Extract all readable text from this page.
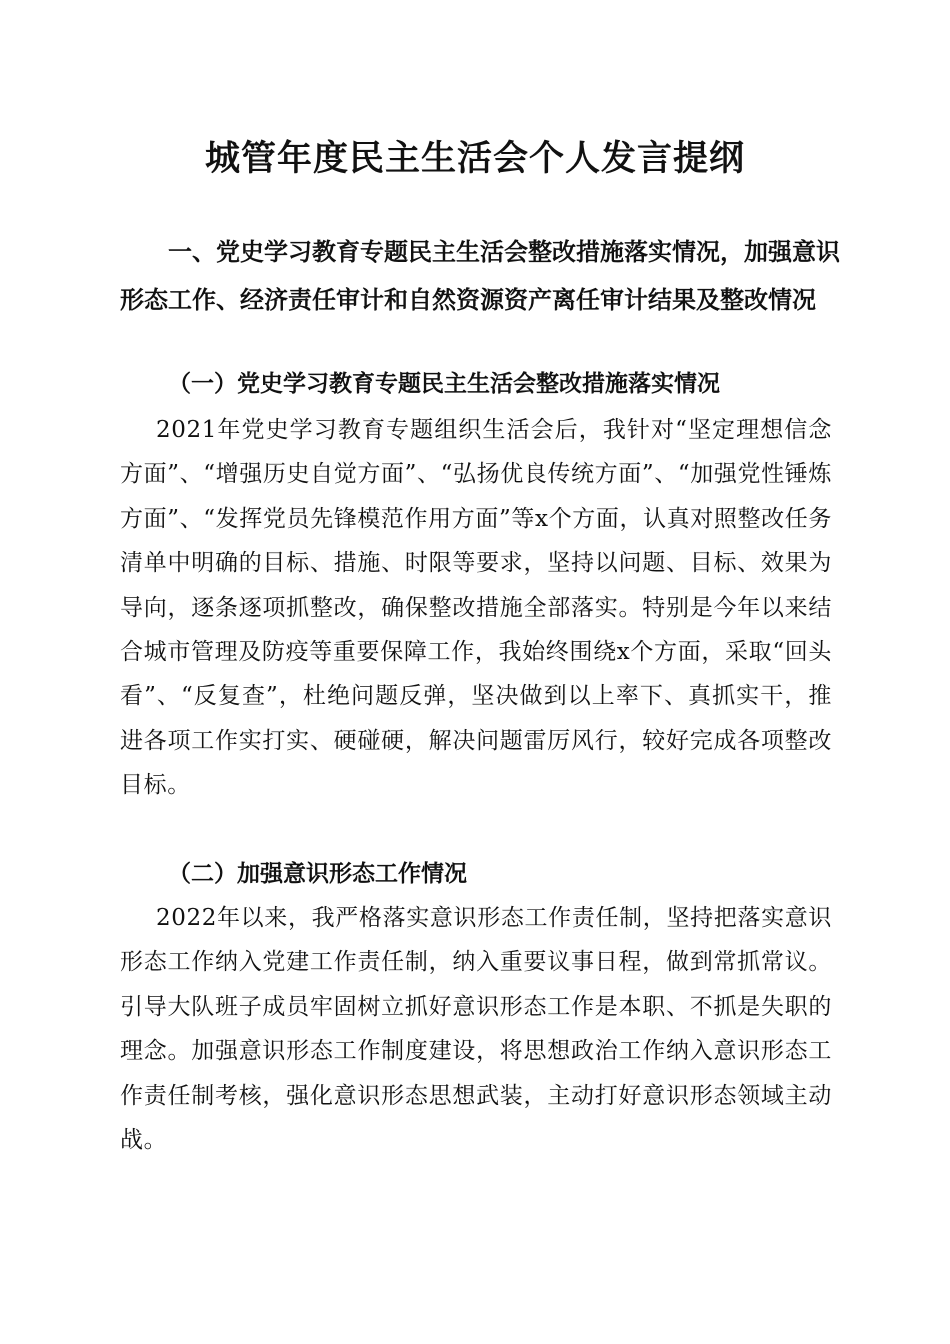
城管年度民主生活会个人发言提纲
一、党史学习教育专题民主生活会整改措施落实情况，加强意识形态工作、经济责任审计和自然资源资产离任审计结果及整改情况
（一）党史学习教育专题民主生活会整改措施落实情况
2021年党史学习教育专题组织生活会后，我针对“坚定理想信念方面”、“增强历史自觉方面”、“弘扬优良传统方面”、“加强党性锤炼方面”、“发挥党员先锋模范作用方面”等x个方面，认真对照整改任务清单中明确的目标、措施、时限等要求，坚持以问题、目标、效果为导向，逐条逐项抓整改，确保整改措施全部落实。特别是今年以来结合城市管理及防疫等重要保障工作，我始终围绕x个方面，采取“回头看”、“反复查”，杜绝问题反弹，坚决做到以上率下、真抓实干，推进各项工作实打实、硬碰硬，解决问题雷厉风行，较好完成各项整改目标。
（二）加强意识形态工作情况
2022年以来，我严格落实意识形态工作责任制，坚持把落实意识形态工作纳入党建工作责任制，纳入重要议事日程，做到常抓常议。引导大队班子成员牢固树立抓好意识形态工作是本职、不抓是失职的理念。加强意识形态工作制度建设，将思想政治工作纳入意识形态工作责任制考核，强化意识形态思想武装，主动打好意识形态领域主动战。
